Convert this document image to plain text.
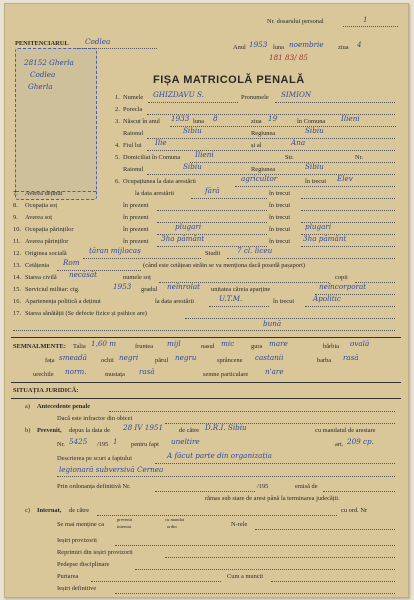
PENITENCIARUL Codlea
Nr. dosarului personal	1
Anul 1953 luna noembrie ziua 4
181 83/ 85
28152 Gherla
Codlea
Gherla
FIȘA MATRICOLĂ PENALĂ
1. Numele GHIZDAVU S.	Pronumele SIMION
2. Porecla
3. Născut în anul 1933 luna 8	ziua 19	în Comuna Ilieni
Raionul	Sibiu	Regiunea	Sibiu
4. Fiul lui Ilie	și al	Ana
5. Domiciliat în Comuna Ilieni	Str.	Nr.
Raionul	Sibiu	Regiunea	Sibiu
6. Ocupațiunea la data arestării	agricultor	în trecut Elev
7. Averea deținut	la data arestării	fără	în trecut
8. Ocupația soț	în prezent	în trecut
9. Averea soț	în prezent	în trecut
10. Ocupația părinților	în prezent	plugari	în trecut plugari
11. Averea părinților	în prezent 3ha pământ	în trecut 3ha pământ
12. Originea socială	țăran mijlocaș	Studii 7 cl. liceu
13. Cetățenia Rom	(când este cetățean străin se va menționa dacă posedă pașaport)
14. Starea civilă necăsăt	numele soț	copii
15. Serviciul militar: ctg.	1953 gradul neînrolat unitatea căreia aparține	neîncorporat
16. Apartenența politică a deținut	la data arestării	U.T.M.	în trecut	Apolitic
17. Starea sănătății (Se defecte fizice și psihice are)
bună
SEMNALMENTE: Talia 1,60 m	fruntea mijl	nasul mic	gura mare	bărbia ovală
fața smeadă ochii negri	părul negru	sprâncene castanii	barba rasă
urechile norm.	mustața rasă	semne particulare n'are
SITUAȚIA JURIDICĂ:
a) Antecedente penale
Dacă este infractor din obicei
b) Prevenit, depus la data de 28 IV 1951 de către D.R.I. Sibiu	cu mandatul de arestare
Nr. 5425 /195 1 pentru fapt uneltire	art. 209 cp.
Descrierea pe scurt a faptului	A făcut parte din organizația
legionară subversivă Cernea
Prin ordonanța definitivă Nr.	/195	emisă de
rămas sub stare de arest până la terminarea judecății.
c) Internat, de către	cu ord. Nr
Se mai menține ca
prevenit
internat
cu mandat
ordin	N-rele
Ieșiri provizorii
Reprimiri din ieșiri provizorii
Pedepse disciplinare
Purtarea	Cum a muncit
Ieșiri definitive
